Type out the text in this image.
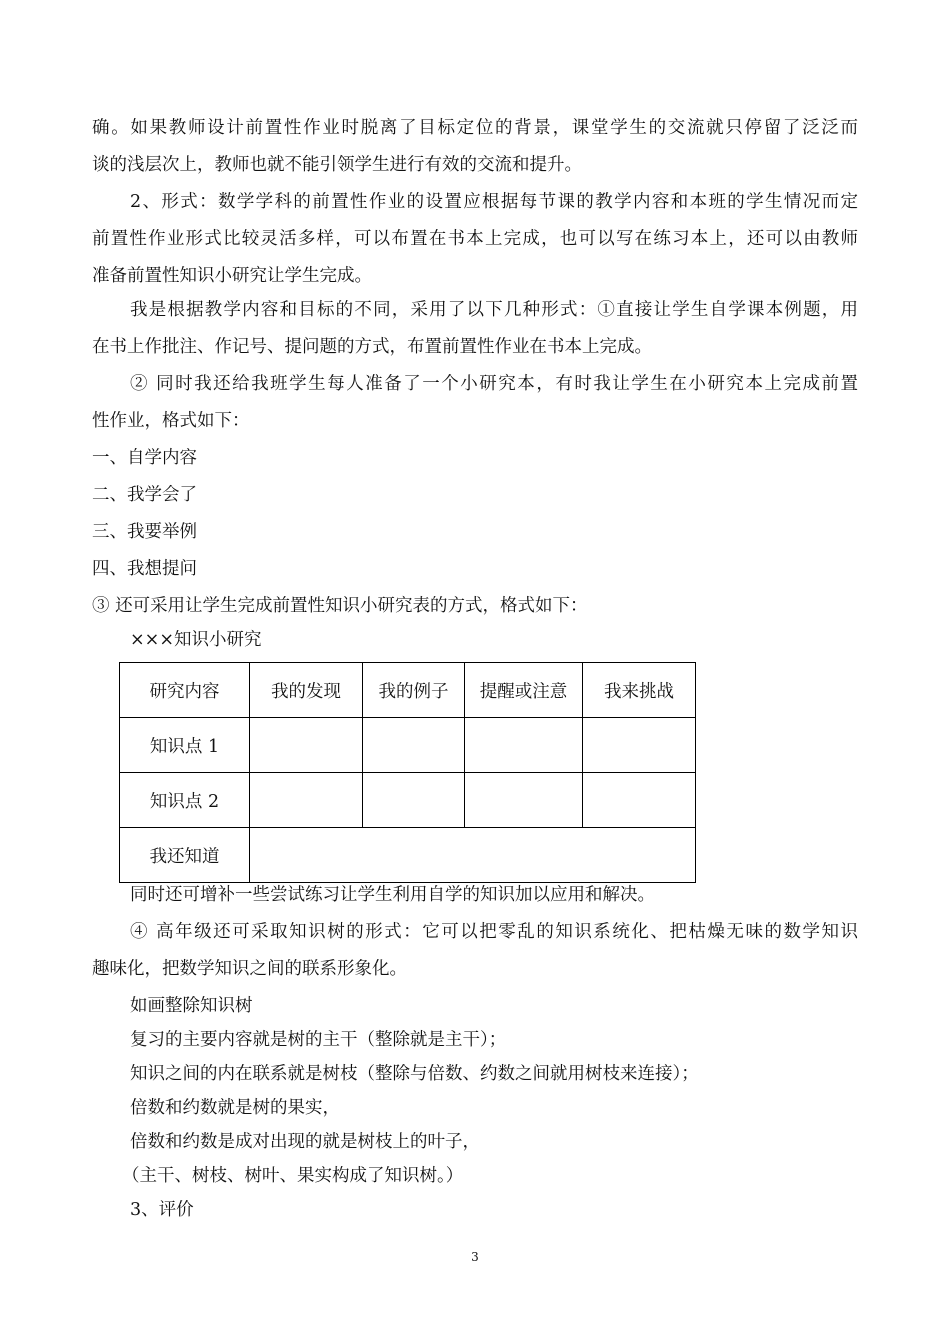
确。如果教师设计前置性作业时脱离了目标定位的背景，课堂学生的交流就只停留了泛泛而
谈的浅层次上，教师也就不能引领学生进行有效的交流和提升。
2、形式：数学学科的前置性作业的设置应根据每节课的教学内容和本班的学生情况而定
前置性作业形式比较灵活多样，可以布置在书本上完成，也可以写在练习本上，还可以由教师
准备前置性知识小研究让学生完成。
我是根据教学内容和目标的不同，采用了以下几种形式：①直接让学生自学课本例题，用
在书上作批注、作记号、提问题的方式，布置前置性作业在书本上完成。
② 同时我还给我班学生每人准备了一个小研究本，有时我让学生在小研究本上完成前置
性作业，格式如下：
一、自学内容
二、我学会了
三、我要举例
四、我想提问
③ 还可采用让学生完成前置性知识小研究表的方式，格式如下：
×××知识小研究
研究内容	我的发现	我的例子	提醒或注意	我来挑战
知识点 1				
知识点 2				
我还知道				
同时还可增补一些尝试练习让学生利用自学的知识加以应用和解决。
④ 高年级还可采取知识树的形式：它可以把零乱的知识系统化、把枯燥无味的数学知识
趣味化，把数学知识之间的联系形象化。
如画整除知识树
复习的主要内容就是树的主干（整除就是主干）；
知识之间的内在联系就是树枝（整除与倍数、约数之间就用树枝来连接）；
倍数和约数就是树的果实，
倍数和约数是成对出现的就是树枝上的叶子，
（主干、树枝、树叶、果实构成了知识树。）
3、评价
3
